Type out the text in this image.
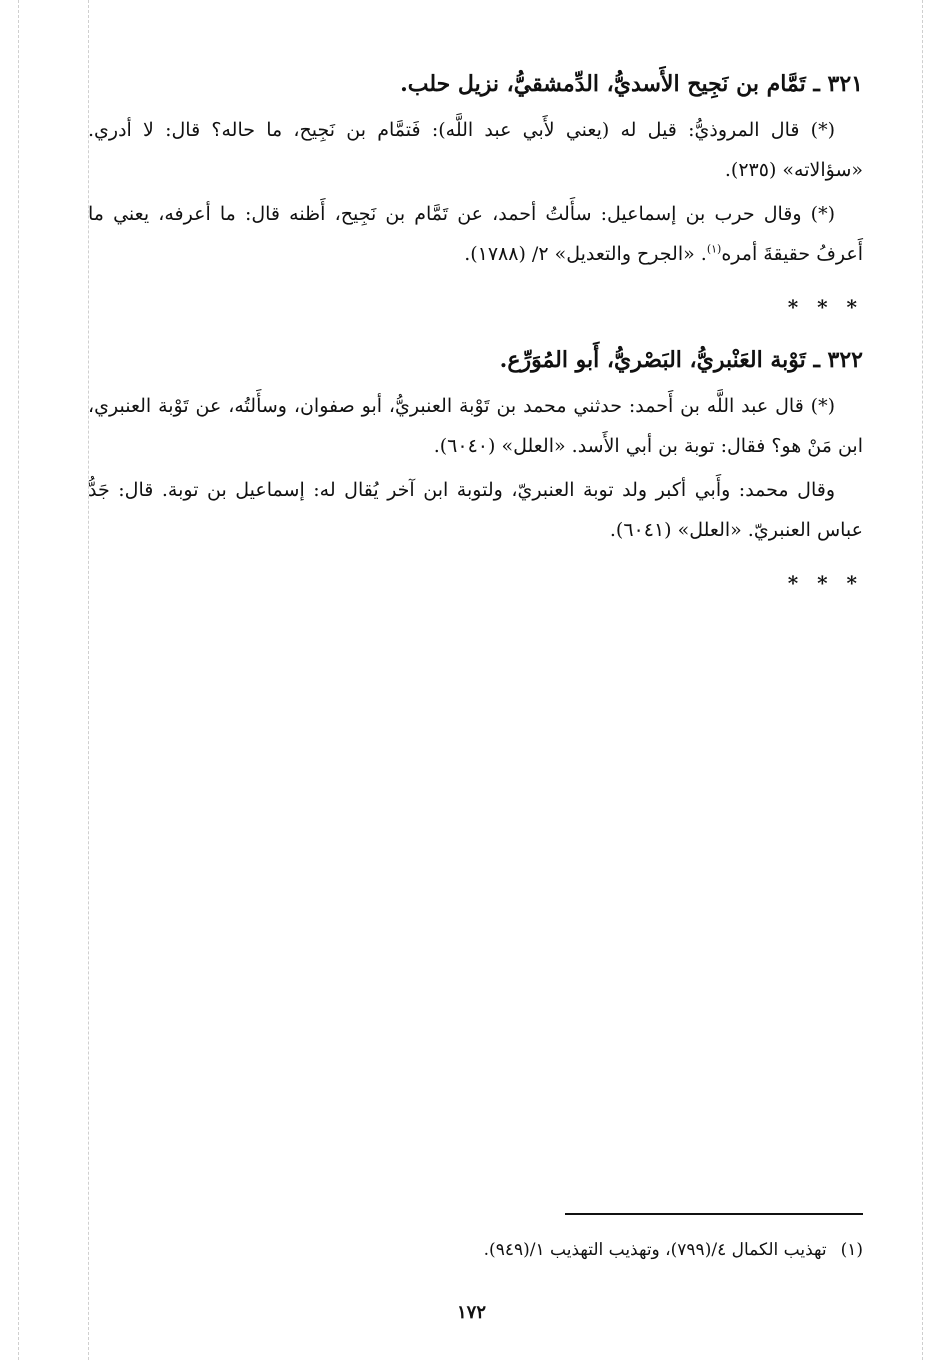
٣٢١ ـ تَمَّام بن نَجِيح الأَسديُّ، الدِّمشقيُّ، نزيل حلب.

(*) قال المروذيُّ: قيل له (يعني لأَبي عبد اللَّه): فَتمَّام بن نَجِيح، ما حاله؟ قال: لا أدري. «سؤالاته» (٢٣٥).

(*) وقال حرب بن إسماعيل: سأَلتُ أحمد، عن تَمَّام بن نَجِيح، أَظنه قال: ما أعرفه، يعني ما أَعرفُ حقيقةَ أمره$^{(١)}$. «الجرح والتعديل» ٢/ (١٧٨٨).

* * *
٣٢٢ ـ تَوْبة العَنْبريُّ، البَصْريُّ، أَبو المُوَرِّع.

(*) قال عبد اللَّه بن أَحمد: حدثني محمد بن تَوْبة العنبريُّ، أبو صفوان، وسأَلتُه، عن تَوْبة العنبري، ابن مَنْ هو؟ فقال: توبة بن أبي الأَسد. «العلل» (٦٠٤٠).

وقال محمد: وأَبي أكبر ولد توبة العنبريّ، ولتوبة ابن آخر يُقال له: إسماعيل بن توبة. قال: جَدُّ عباس العنبريّ. «العلل» (٦٠٤١).

* * *
(١)تهذيب الكمال ٤/(٧٩٩)، وتهذيب التهذيب ١/(٩٤٩).
١٧٢
